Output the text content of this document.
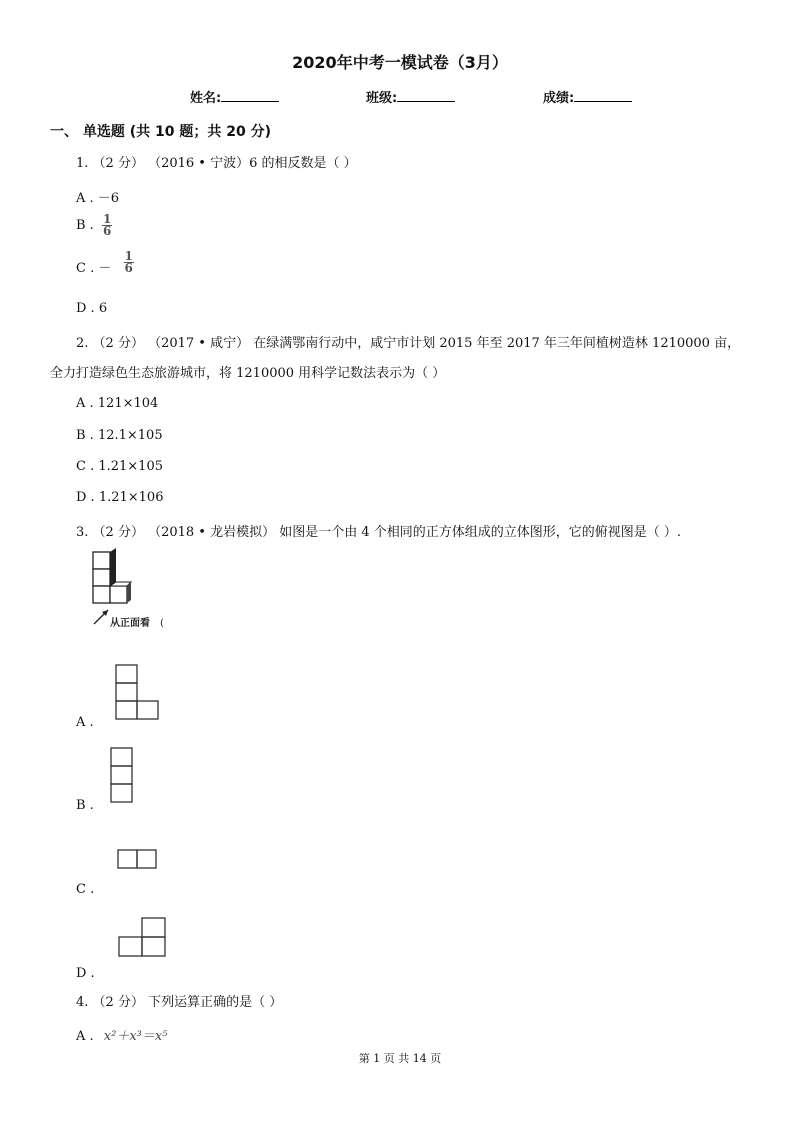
2020年中考一模试卷（3月）
姓名:	班级:	成绩:
一、 单选题 (共 10 题；共 20 分)
1. （2 分） （2016 • 宁波）6 的相反数是（ ）
A . －6
B . $\frac{1}{6}$
C . － $\frac{1}{6}$
D . 6
2. （2 分） （2017 • 咸宁） 在绿满鄂南行动中，咸宁市计划 2015 年至 2017 年三年间植树造林 1210000 亩，
全力打造绿色生态旅游城市，将 1210000 用科学记数法表示为（ ）
A . 121×104
B . 12.1×105
C . 1.21×105
D . 1.21×106
3. （2 分） （2018 • 龙岩模拟） 如图是一个由 4 个相同的正方体组成的立体图形，它的俯视图是（ ）.
从正面看 (
A .
B .
C .
D .
4. （2 分） 下列运算正确的是（ ）
A . x²＋x³＝x⁵
第 1 页 共 14 页
